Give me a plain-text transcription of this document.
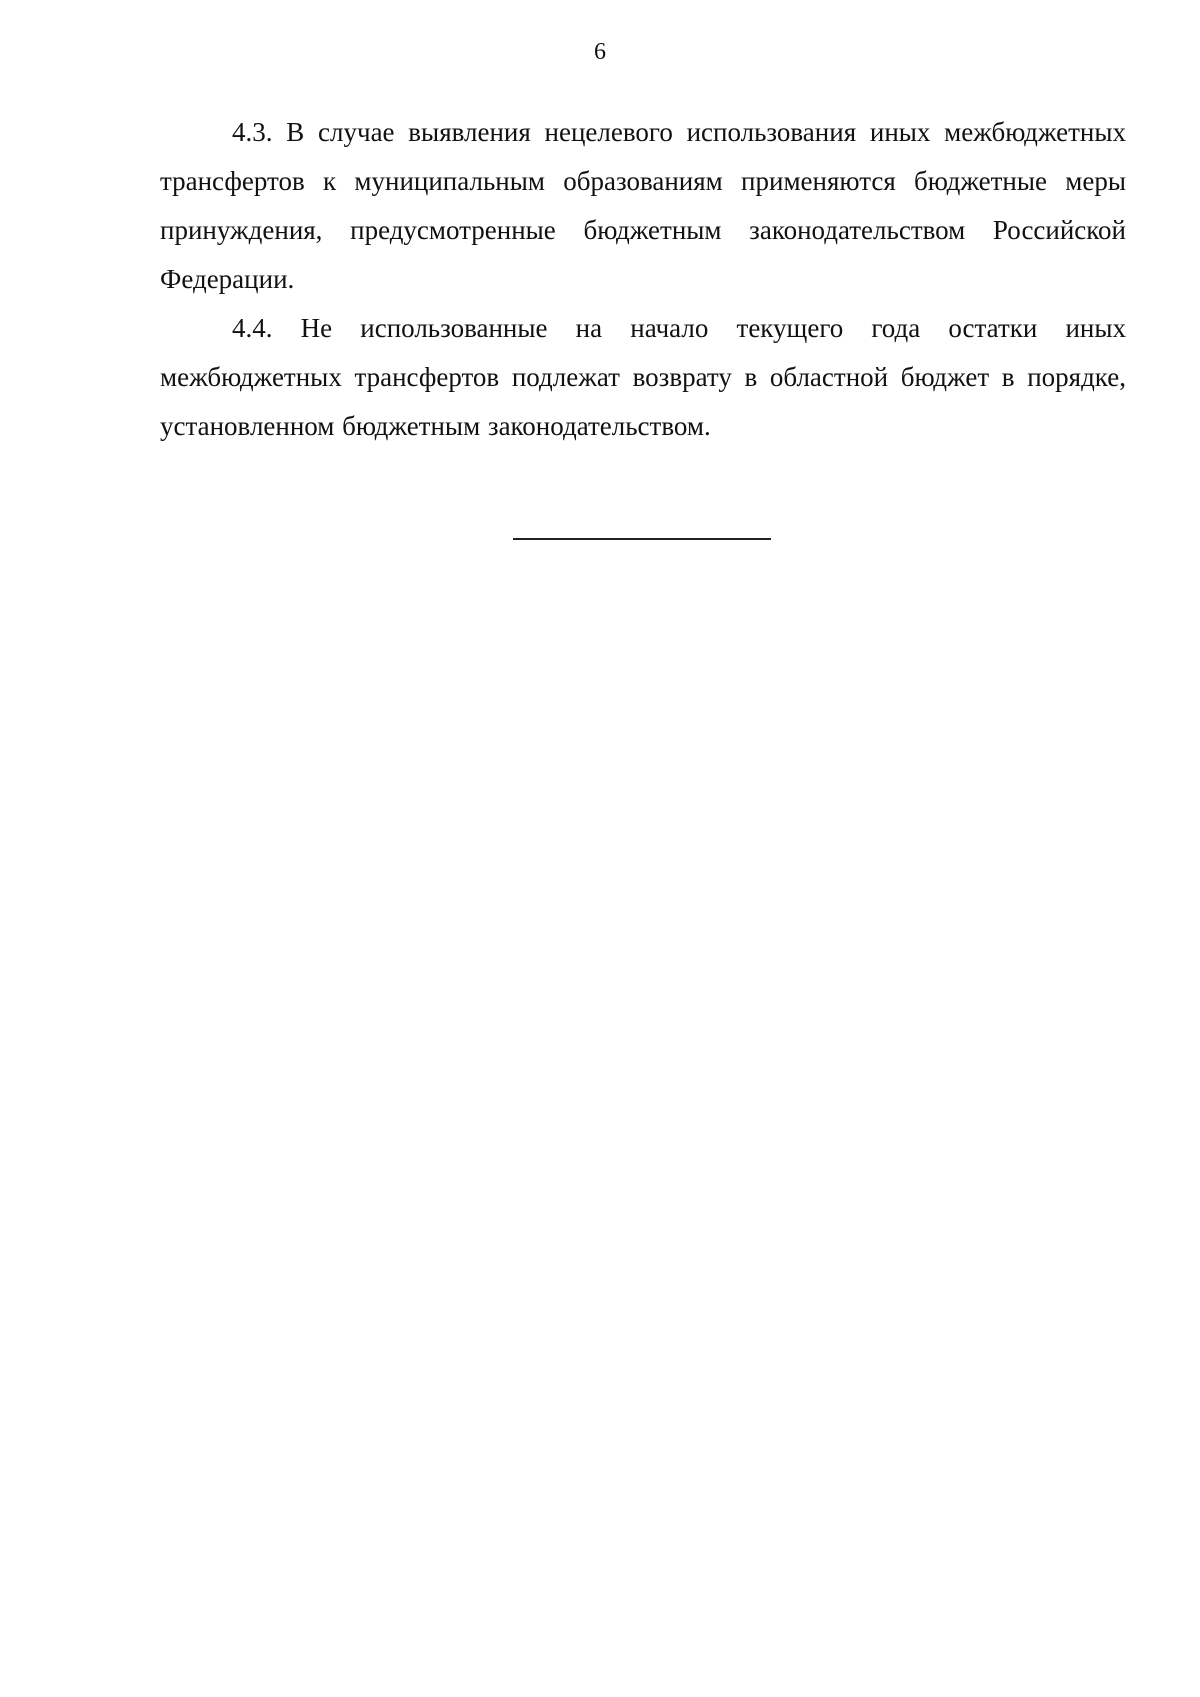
6

4.3. В случае выявления нецелевого использования иных межбюджетных трансфертов к муниципальным образованиям применяются бюджетные меры принуждения, предусмотренные бюджетным законодательством Российской Федерации.

4.4. Не использованные на начало текущего года остатки иных межбюджетных трансфертов подлежат возврату в областной бюджет в порядке, установленном бюджетным законодательством.
